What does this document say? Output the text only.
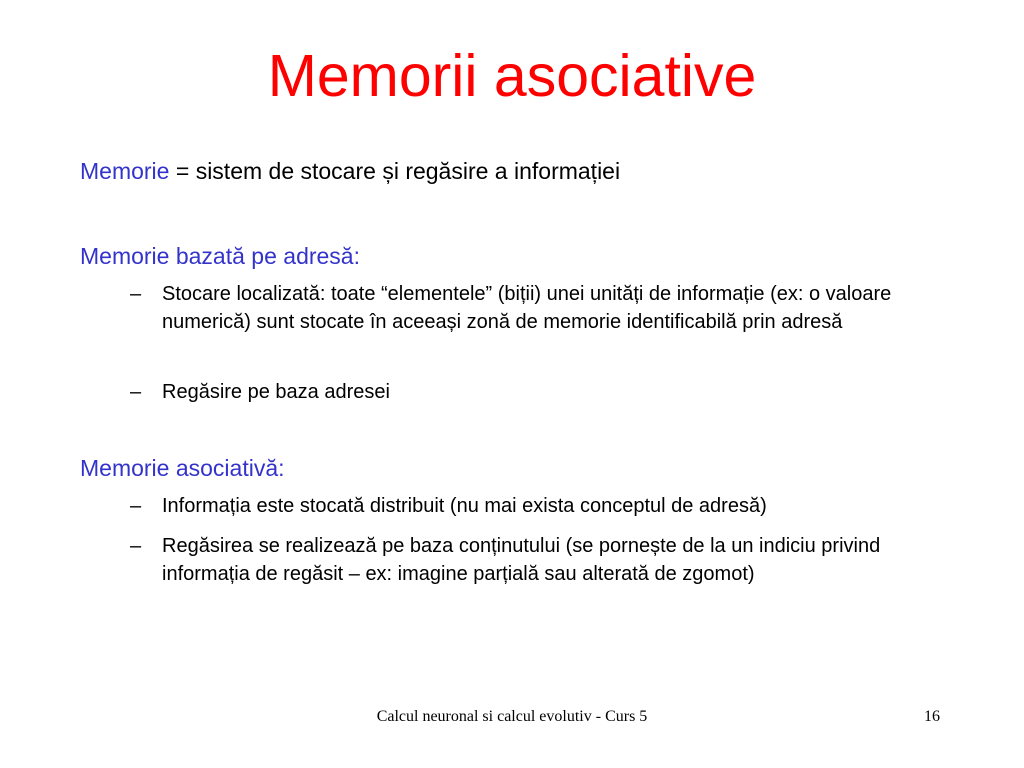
Memorii asociative
Memorie = sistem de stocare și regăsire a informației
Memorie bazată pe adresă:
– Stocare localizată: toate “elementele” (biții) unei unități de informație (ex: o valoare numerică) sunt stocate în aceeași zonă de memorie identificabilă prin adresă
– Regăsire pe baza adresei
Memorie asociativă:
– Informația este stocată distribuit (nu mai exista conceptul de adresă)
– Regăsirea se realizează pe baza conținutului (se pornește de la un indiciu privind informația de regăsit – ex: imagine parțială sau alterată de zgomot)
Calcul neuronal si calcul evolutiv - Curs 5	16
